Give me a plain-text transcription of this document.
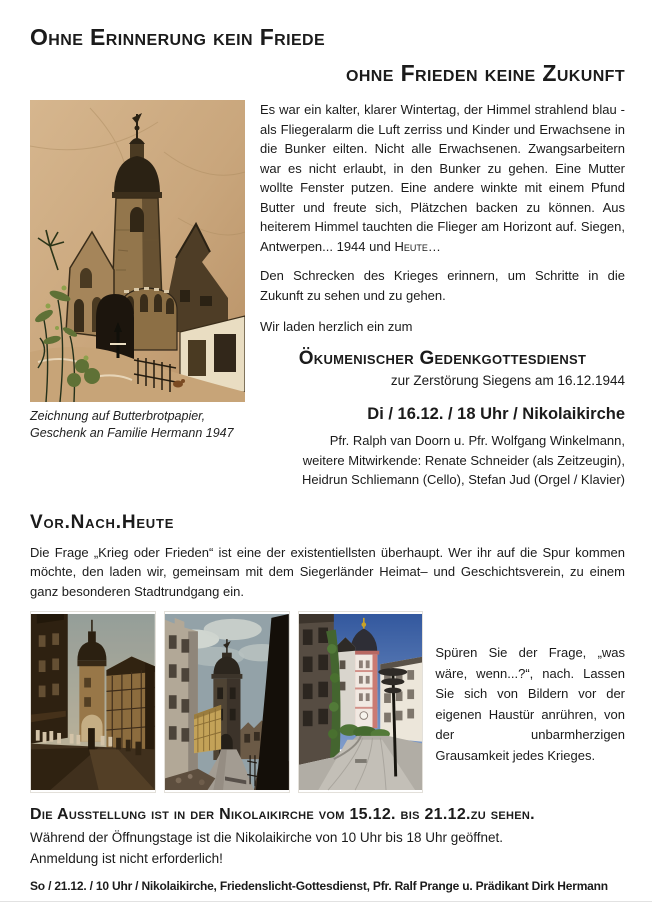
Ohne Erinnerung kein Friede
ohne Frieden keine Zukunft
Zeichnung auf Butterbrotpapier,
Geschenk an Familie Hermann 1947

Es war ein kalter, klarer Wintertag, der Himmel strahlend blau - als Fliegeralarm die Luft zerriss und Kinder und Erwachsene in die Bunker eilten. Nicht alle Erwachsenen. Zwangsarbeitern war es nicht erlaubt, in den Bunker zu gehen. Eine Mutter wollte Fenster putzen. Eine andere winkte mit einem Pfund Butter und freute sich, Plätzchen backen zu können. Aus heiterem Himmel tauchten die Flieger am Horizont auf. Siegen, Antwerpen... 1944 und Heute…

Den Schrecken des Krieges erinnern, um Schritte in die Zukunft zu sehen und zu gehen.

Wir laden herzlich ein zum

Ökumenischer Gedenkgottesdienst
zur Zerstörung Siegens am 16.12.1944
Di / 16.12. / 18 Uhr / Nikolaikirche
Pfr. Ralph van Doorn u. Pfr. Wolfgang Winkelmann,
weitere Mitwirkende: Renate Schneider (als Zeitzeugin),
Heidrun Schliemann (Cello), Stefan Jud (Orgel / Klavier)
Vor.Nach.Heute

Die Frage „Krieg oder Frieden“ ist eine der existentiellsten überhaupt. Wer ihr auf die Spur kommen möchte, den laden wir, gemeinsam mit dem Siegerländer Heimat– und Geschichtsverein, zu einem ganz besonderen Stadtrundgang ein.

Spüren Sie der Frage, „was wäre, wenn...?“, nach. Lassen Sie sich von Bildern vor der eigenen Haustür anrühren, von der unbarmherzigen Grausamkeit jedes Krieges.
Die Ausstellung ist in der Nikolaikirche vom 15.12. bis 21.12.zu sehen.
Während der Öffnungstage ist die Nikolaikirche von 10 Uhr bis 18 Uhr geöffnet.
Anmeldung ist nicht erforderlich!
So / 21.12. / 10 Uhr / Nikolaikirche, Friedenslicht-Gottesdienst, Pfr. Ralf Prange u. Prädikant Dirk Hermann
